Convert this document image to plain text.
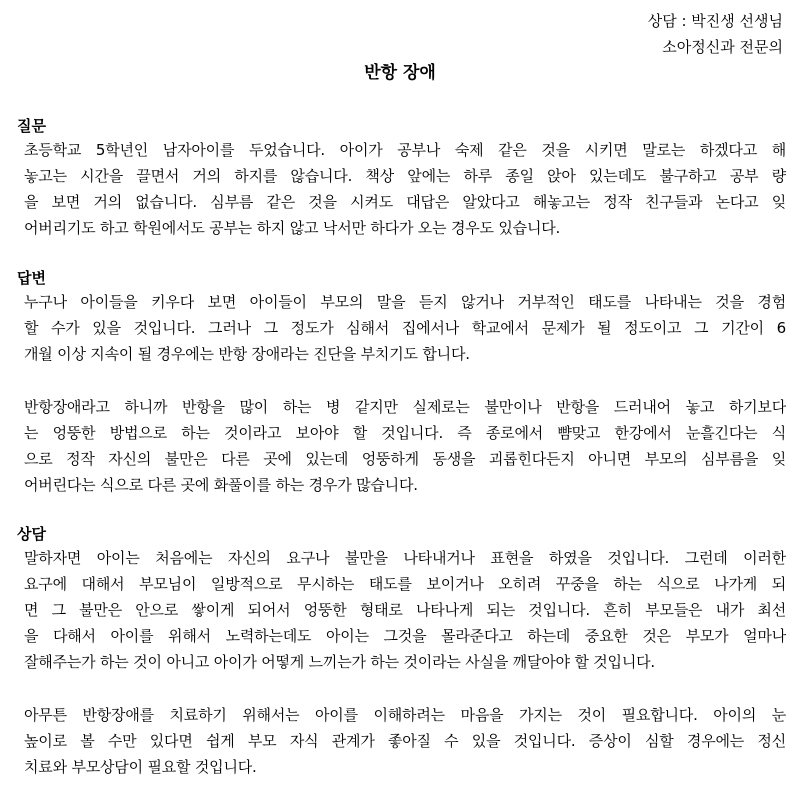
상담 : 박진생 선생님
소아정신과 전문의
반항 장애
질문
초등학교 5학년인 남자아이를 두었습니다. 아이가 공부나 숙제 같은 것을 시키면 말로는 하겠다고 해
놓고는 시간을 끌면서 거의 하지를 않습니다. 책상 앞에는 하루 종일 앉아 있는데도 불구하고 공부 량
을 보면 거의 없습니다. 심부름 같은 것을 시켜도 대답은 알았다고 해놓고는 정작 친구들과 논다고 잊
어버리기도 하고 학원에서도 공부는 하지 않고 낙서만 하다가 오는 경우도 있습니다.
답변
누구나 아이들을 키우다 보면 아이들이 부모의 말을 듣지 않거나 거부적인 태도를 나타내는 것을 경험
할 수가 있을 것입니다. 그러나 그 정도가 심해서 집에서나 학교에서 문제가 될 정도이고 그 기간이 6
개월 이상 지속이 될 경우에는 반항 장애라는 진단을 부치기도 합니다.
반항장애라고 하니까 반항을 많이 하는 병 같지만 실제로는 불만이나 반항을 드러내어 놓고 하기보다
는 엉뚱한 방법으로 하는 것이라고 보아야 할 것입니다. 즉 종로에서 뺨맞고 한강에서 눈흘긴다는 식
으로 정작 자신의 불만은 다른 곳에 있는데 엉뚱하게 동생을 괴롭힌다든지 아니면 부모의 심부름을 잊
어버린다는 식으로 다른 곳에 화풀이를 하는 경우가 많습니다.
상담
말하자면 아이는 처음에는 자신의 요구나 불만을 나타내거나 표현을 하였을 것입니다. 그런데 이러한
요구에 대해서 부모님이 일방적으로 무시하는 태도를 보이거나 오히려 꾸중을 하는 식으로 나가게 되
면 그 불만은 안으로 쌓이게 되어서 엉뚱한 형태로 나타나게 되는 것입니다. 흔히 부모들은 내가 최선
을 다해서 아이를 위해서 노력하는데도 아이는 그것을 몰라준다고 하는데 중요한 것은 부모가 얼마나
잘해주는가 하는 것이 아니고 아이가 어떻게 느끼는가 하는 것이라는 사실을 깨달아야 할 것입니다.
아무튼 반항장애를 치료하기 위해서는 아이를 이해하려는 마음을 가지는 것이 필요합니다. 아이의 눈
높이로 볼 수만 있다면 쉽게 부모 자식 관계가 좋아질 수 있을 것입니다. 증상이 심할 경우에는 정신
치료와 부모상담이 필요할 것입니다.
